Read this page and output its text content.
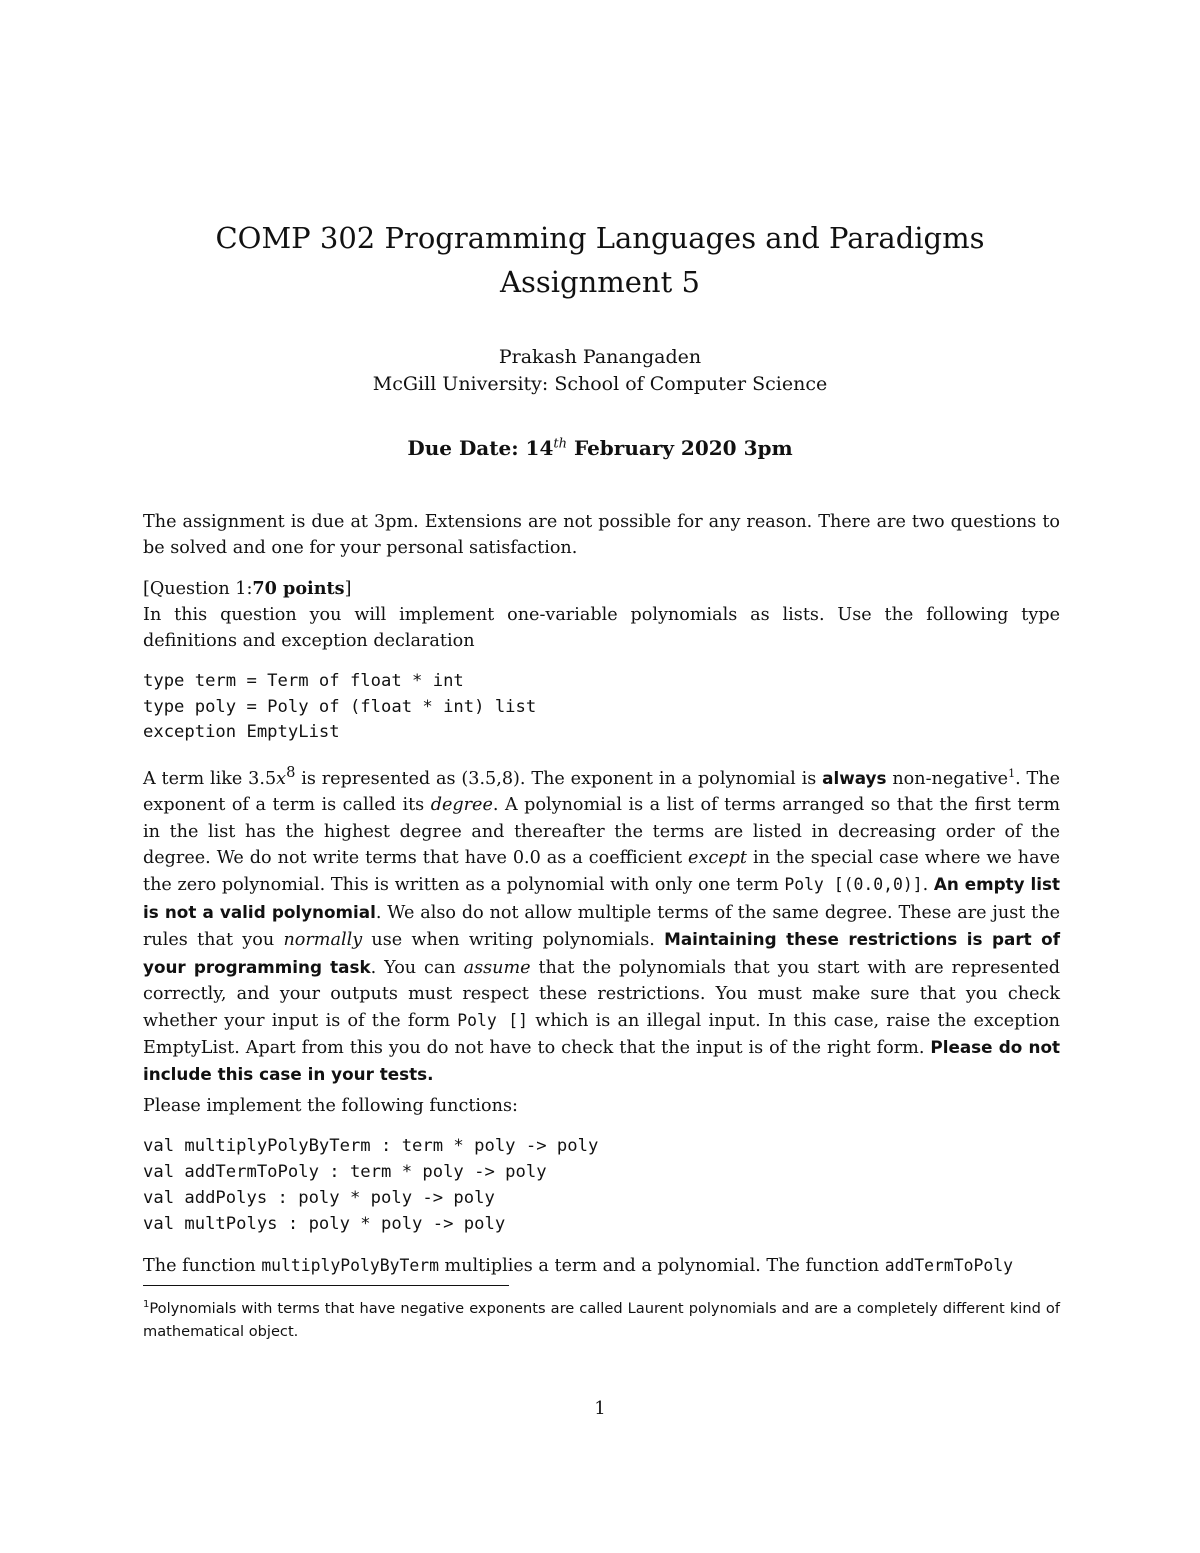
COMP 302 Programming Languages and Paradigms
Assignment 5
Prakash Panangaden
McGill University: School of Computer Science
Due Date: 14th February 2020 3pm

The assignment is due at 3pm. Extensions are not possible for any reason. There are two questions to be solved and one for your personal satisfaction.

[Question 1:70 points]

In this question you will implement one-variable polynomials as lists. Use the following type definitions and exception declaration

type term = Term of float * int
type poly = Poly of (float * int) list
exception EmptyList

A term like $3.5x^8$ is represented as (3.5,8). The exponent in a polynomial is always non-negative$^1$. The exponent of a term is called its degree. A polynomial is a list of terms arranged so that the first term in the list has the highest degree and thereafter the terms are listed in decreasing order of the degree. We do not write terms that have 0.0 as a coefficient except in the special case where we have the zero polynomial. This is written as a polynomial with only one term Poly [(0.0,0)]. An empty list is not a valid polynomial. We also do not allow multiple terms of the same degree. These are just the rules that you normally use when writing polynomials. Maintaining these restrictions is part of your programming task. You can assume that the polynomials that you start with are represented correctly, and your outputs must respect these restrictions. You must make sure that you check whether your input is of the form Poly [] which is an illegal input. In this case, raise the exception EmptyList. Apart from this you do not have to check that the input is of the right form. Please do not include this case in your tests.

Please implement the following functions:

val multiplyPolyByTerm : term * poly -> poly
val addTermToPoly : term * poly -> poly
val addPolys : poly * poly -> poly
val multPolys : poly * poly -> poly
The function multiplyPolyByTerm multiplies a term and a polynomial. The function addTermToPoly
$^1$Polynomials with terms that have negative exponents are called Laurent polynomials and are a completely different kind of mathematical object.
1
